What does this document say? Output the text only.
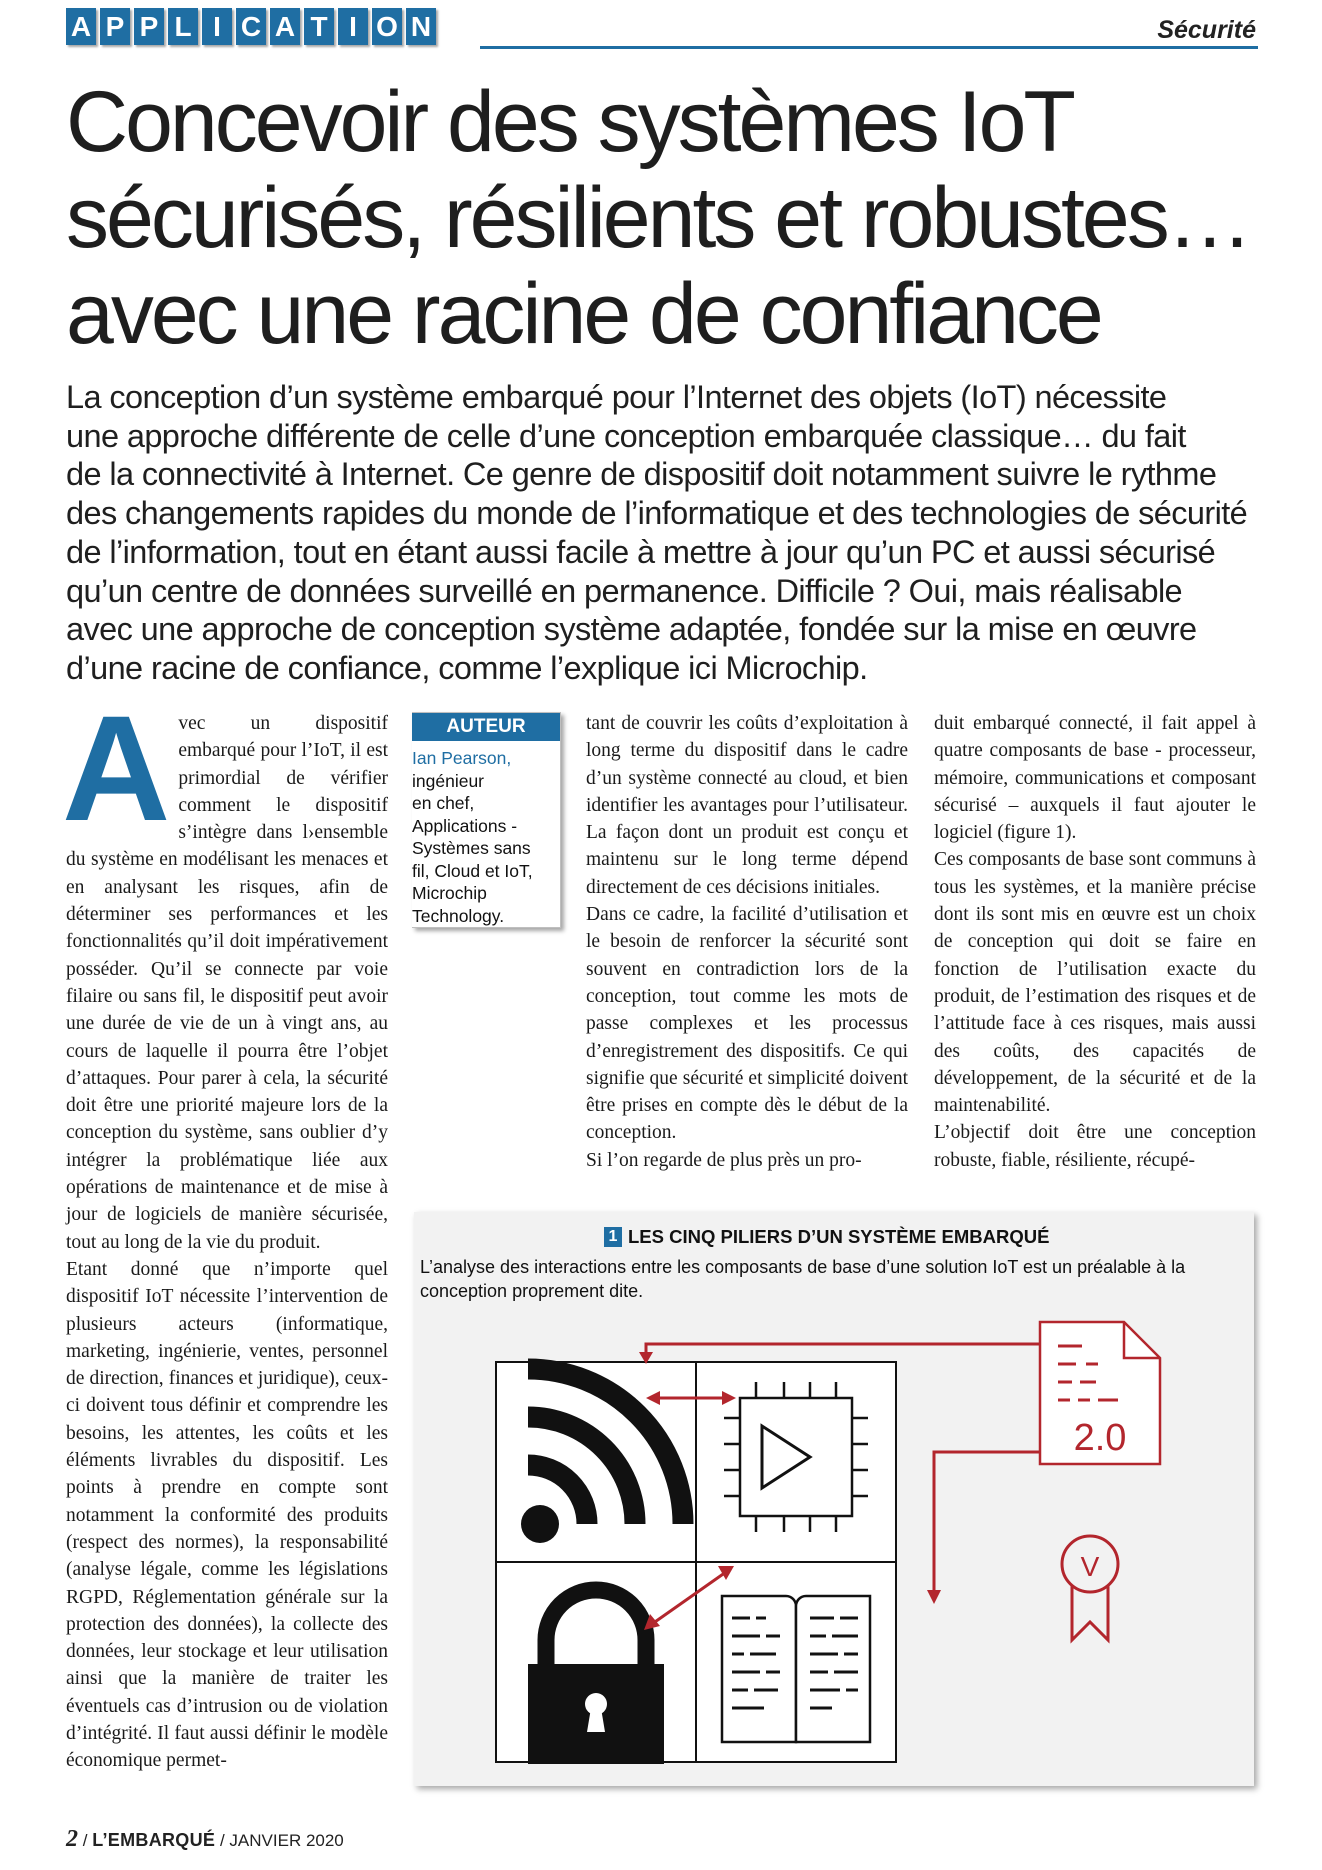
A P P L I C A T I O N	Sécurité
Concevoir des systèmes IoT
sécurisés, résilients et robustes…
avec une racine de confiance
La conception d’un système embarqué pour l’Internet des objets (IoT) nécessite
une approche différente de celle d’une conception embarquée classique… du fait
de la connectivité à Internet. Ce genre de dispositif doit notamment suivre le rythme
des changements rapides du monde de l’informatique et des technologies de sécurité
de l’information, tout en étant aussi facile à mettre à jour qu’un PC et aussi sécurisé
qu’un centre de données surveillé en permanence. Difficile ? Oui, mais réalisable
avec une approche de conception système adaptée, fondée sur la mise en œuvre
d’une racine de confiance, comme l’explique ici Microchip.

Avec un dispositif embarqué pour l’IoT, il est primordial de vérifier comment le dispositif s’intègre dans l›ensemble du système en modélisant les menaces et en analysant les risques, afin de déterminer ses performances et les fonctionnalités qu’il doit impérativement posséder. Qu’il se connecte par voie filaire ou sans fil, le dispositif peut avoir une durée de vie de un à vingt ans, au cours de laquelle il pourra être l’objet d’attaques. Pour parer à cela, la sécurité doit être une priorité majeure lors de la conception du système, sans oublier d’y intégrer la problématique liée aux opérations de maintenance et de mise à jour de logiciels de manière sécurisée, tout au long de la vie du produit.

Etant donné que n’importe quel dispositif IoT nécessite l’intervention de plusieurs acteurs (informatique, marketing, ingénierie, ventes, personnel de direction, finances et juridique), ceux-ci doivent tous définir et comprendre les besoins, les attentes, les coûts et les éléments livrables du dispositif. Les points à prendre en compte sont notamment la conformité des produits (respect des normes), la responsabilité (analyse légale, comme les législations RGPD, Réglementation générale sur la protection des données), la collecte des données, leur stockage et leur utilisation ainsi que la manière de traiter les éventuels cas d’intrusion ou de violation d’intégrité. Il faut aussi définir le modèle économique permet-

AUTEUR
Ian Pearson,
ingénieur
en chef,
Applications -
Systèmes sans
fil, Cloud et IoT,
Microchip
Technology.

tant de couvrir les coûts d’exploitation à long terme du dispositif dans le cadre d’un système connecté au cloud, et bien identifier les avantages pour l’utilisateur. La façon dont un produit est conçu et maintenu sur le long terme dépend directement de ces décisions initiales.

Dans ce cadre, la facilité d’utilisation et le besoin de renforcer la sécurité sont souvent en contradiction lors de la conception, tout comme les mots de passe complexes et les processus d’enregistrement des dispositifs. Ce qui signifie que sécurité et simplicité doivent être prises en compte dès le début de la conception.

Si l’on regarde de plus près un pro-

duit embarqué connecté, il fait appel à quatre composants de base - processeur, mémoire, communications et composant sécurisé – auxquels il faut ajouter le logiciel (figure 1).

Ces composants de base sont communs à tous les systèmes, et la manière précise dont ils sont mis en œuvre est un choix de conception qui doit se faire en fonction de l’utilisation exacte du produit, de l’estimation des risques et de l’attitude face à ces risques, mais aussi des coûts, des capacités de développement, de la sécurité et de la maintenabilité.

L’objectif doit être une conception robuste, fiable, résiliente, récupé-

1 LES CINQ PILIERS D’UN SYSTÈME EMBARQUÉ
L’analyse des interactions entre les composants de base d’une solution IoT est un préalable à la conception proprement dite.
2.0
V
2 / L’EMBARQUÉ / JANVIER 2020
